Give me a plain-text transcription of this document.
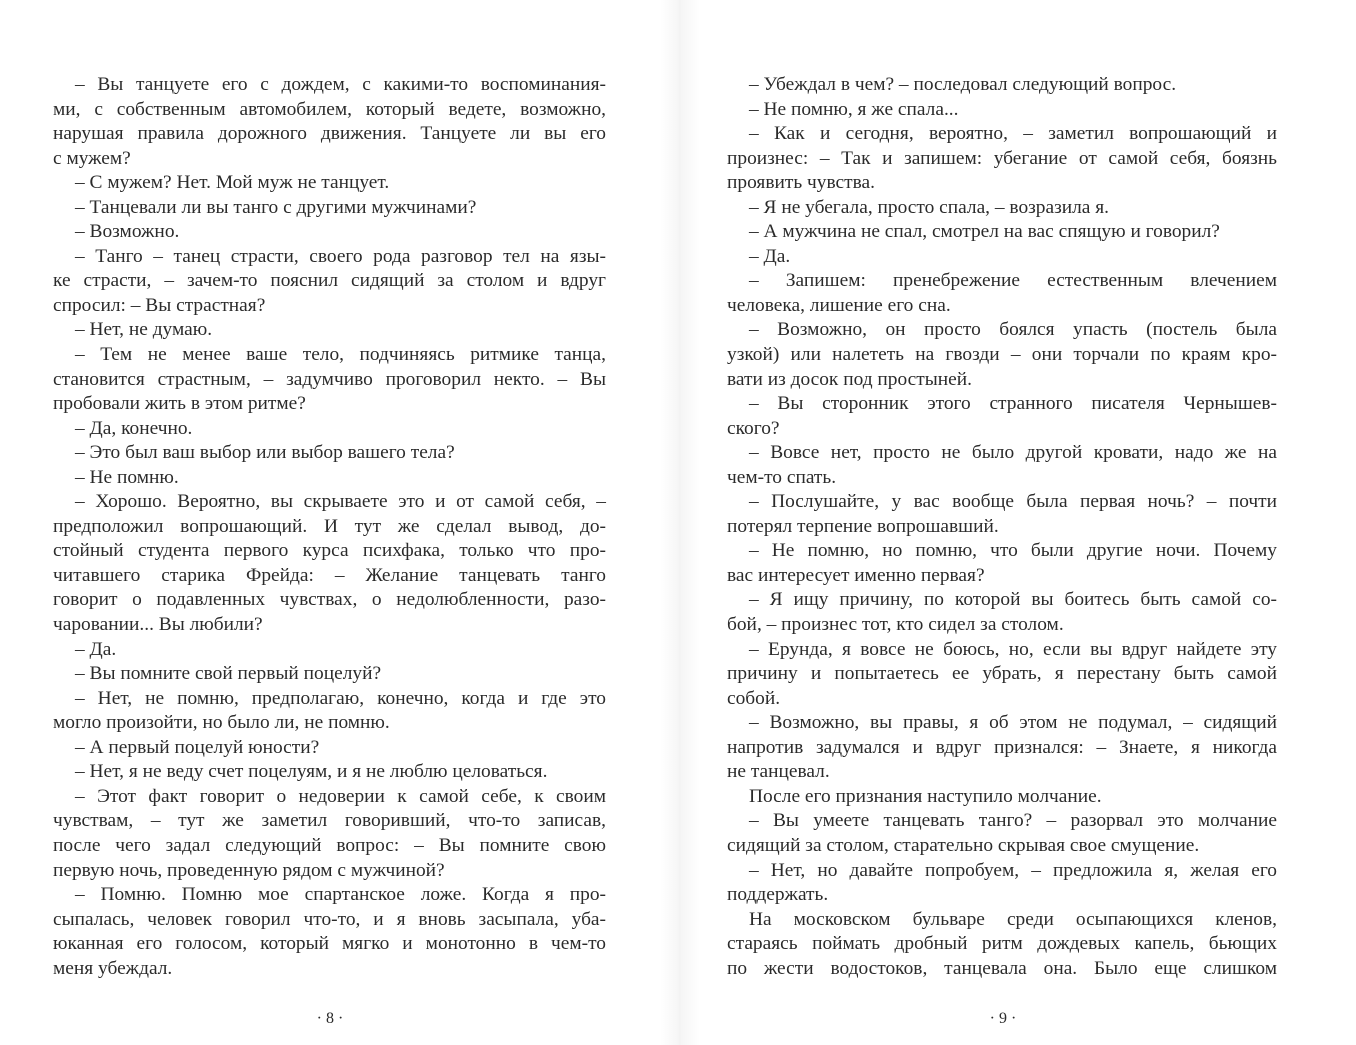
– Вы танцуете его с дождем, с какими-то воспоминания-
ми, с собственным автомобилем, который ведете, возможно,
нарушая правила дорожного движения. Танцуете ли вы его
с мужем?
– С мужем? Нет. Мой муж не танцует.
– Танцевали ли вы танго с другими мужчинами?
– Возможно.
– Танго – танец страсти, своего рода разговор тел на язы-
ке страсти, – зачем-то пояснил сидящий за столом и вдруг
спросил: – Вы страстная?
– Нет, не думаю.
– Тем не менее ваше тело, подчиняясь ритмике танца,
становится страстным, – задумчиво проговорил некто. – Вы
пробовали жить в этом ритме?
– Да, конечно.
– Это был ваш выбор или выбор вашего тела?
– Не помню.
– Хорошо. Вероятно, вы скрываете это и от самой себя, –
предположил вопрошающий. И тут же сделал вывод, до-
стойный студента первого курса психфака, только что про-
читавшего старика Фрейда: – Желание танцевать танго
говорит о подавленных чувствах, о недолюбленности, разо-
чаровании... Вы любили?
– Да.
– Вы помните свой первый поцелуй?
– Нет, не помню, предполагаю, конечно, когда и где это
могло произойти, но было ли, не помню.
– А первый поцелуй юности?
– Нет, я не веду счет поцелуям, и я не люблю целоваться.
– Этот факт говорит о недоверии к самой себе, к своим
чувствам, – тут же заметил говоривший, что-то записав,
после чего задал следующий вопрос: – Вы помните свою
первую ночь, проведенную рядом с мужчиной?
– Помню. Помню мое спартанское ложе. Когда я про-
сыпалась, человек говорил что-то, и я вновь засыпала, уба-
юканная его голосом, который мягко и монотонно в чем-то
меня убеждал.
· 8 ·
– Убеждал в чем? – последовал следующий вопрос.
– Не помню, я же спала...
– Как и сегодня, вероятно, – заметил вопрошающий и
произнес: – Так и запишем: убегание от самой себя, боязнь
проявить чувства.
– Я не убегала, просто спала, – возразила я.
– А мужчина не спал, смотрел на вас спящую и говорил?
– Да.
– Запишем: пренебрежение естественным влечением
человека, лишение его сна.
– Возможно, он просто боялся упасть (постель была
узкой) или налететь на гвозди – они торчали по краям кро-
вати из досок под простыней.
– Вы сторонник этого странного писателя Чернышев-
ского?
– Вовсе нет, просто не было другой кровати, надо же на
чем-то спать.
– Послушайте, у вас вообще была первая ночь? – почти
потерял терпение вопрошавший.
– Не помню, но помню, что были другие ночи. Почему
вас интересует именно первая?
– Я ищу причину, по которой вы боитесь быть самой со-
бой, – произнес тот, кто сидел за столом.
– Ерунда, я вовсе не боюсь, но, если вы вдруг найдете эту
причину и попытаетесь ее убрать, я перестану быть самой
собой.
– Возможно, вы правы, я об этом не подумал, – сидящий
напротив задумался и вдруг признался: – Знаете, я никогда
не танцевал.
После его признания наступило молчание.
– Вы умеете танцевать танго? – разорвал это молчание
сидящий за столом, старательно скрывая свое смущение.
– Нет, но давайте попробуем, – предложила я, желая его
поддержать.
На московском бульваре среди осыпающихся кленов,
стараясь поймать дробный ритм дождевых капель, бьющих
по жести водостоков, танцевала она. Было еще слишком
· 9 ·
